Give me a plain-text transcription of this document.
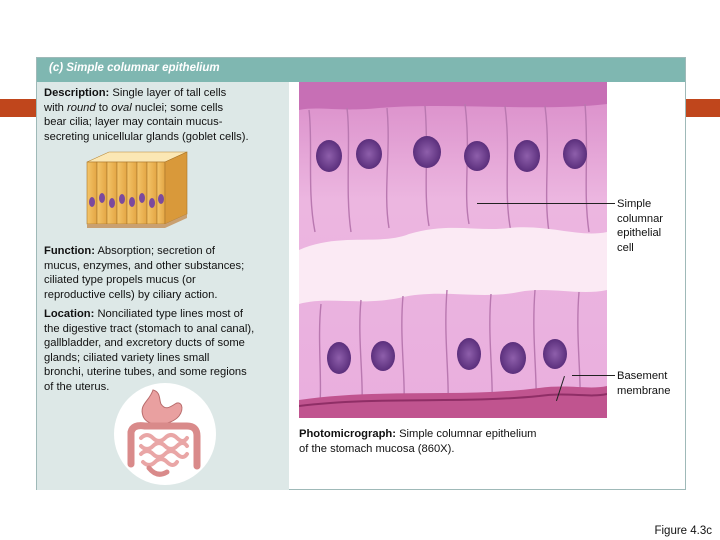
(c) Simple columnar epithelium
Description: Single layer of tall cells
with round to oval nuclei; some cells
bear cilia; layer may contain mucus-
secreting unicellular glands (goblet cells).
Function: Absorption; secretion of
mucus, enzymes, and other substances;
ciliated type propels mucus (or
reproductive cells) by ciliary action.
Location: Nonciliated type lines most of
the digestive tract (stomach to anal canal),
gallbladder, and excretory ducts of some
glands; ciliated variety lines small
bronchi, uterine tubes, and some regions
of the uterus.
Photomicrograph: Simple columnar epithelium
of the stomach mucosa (860X).
Simple
columnar
epithelial
cell
Basement
membrane
Figure 4.3c
